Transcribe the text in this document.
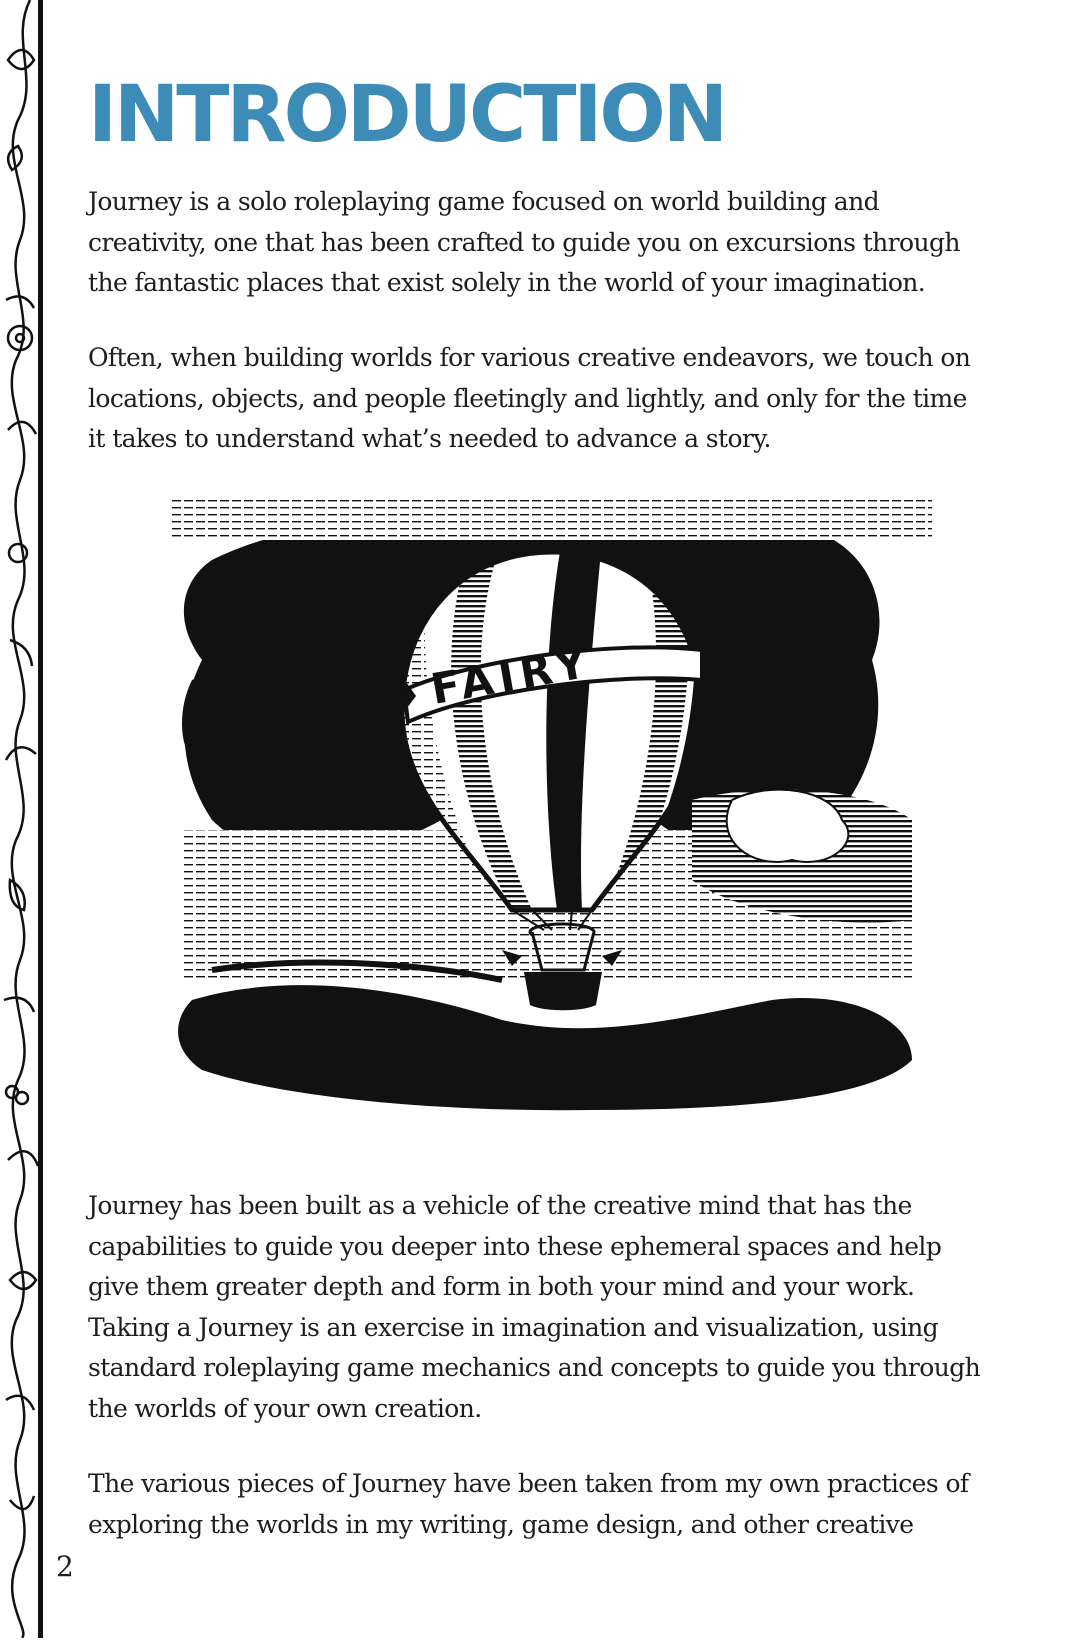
INTRODUCTION

Journey is a solo roleplaying game focused on world building and creativity, one that has been crafted to guide you on excursions through the fantastic places that exist solely in the world of your imagination.

Often, when building worlds for various creative endeavors, we touch on locations, objects, and people fleetingly and lightly, and only for the time it takes to understand what’s needed to advance a story.

FAIRY

Journey has been built as a vehicle of the creative mind that has the capabilities to guide you deeper into these ephemeral spaces and help give them greater depth and form in both your mind and your work. Taking a Journey is an exercise in imagination and visualization, using standard roleplaying game mechanics and concepts to guide you through the worlds of your own creation.

The various pieces of Journey have been taken from my own practices of exploring the worlds in my writing, game design, and other creative

2
